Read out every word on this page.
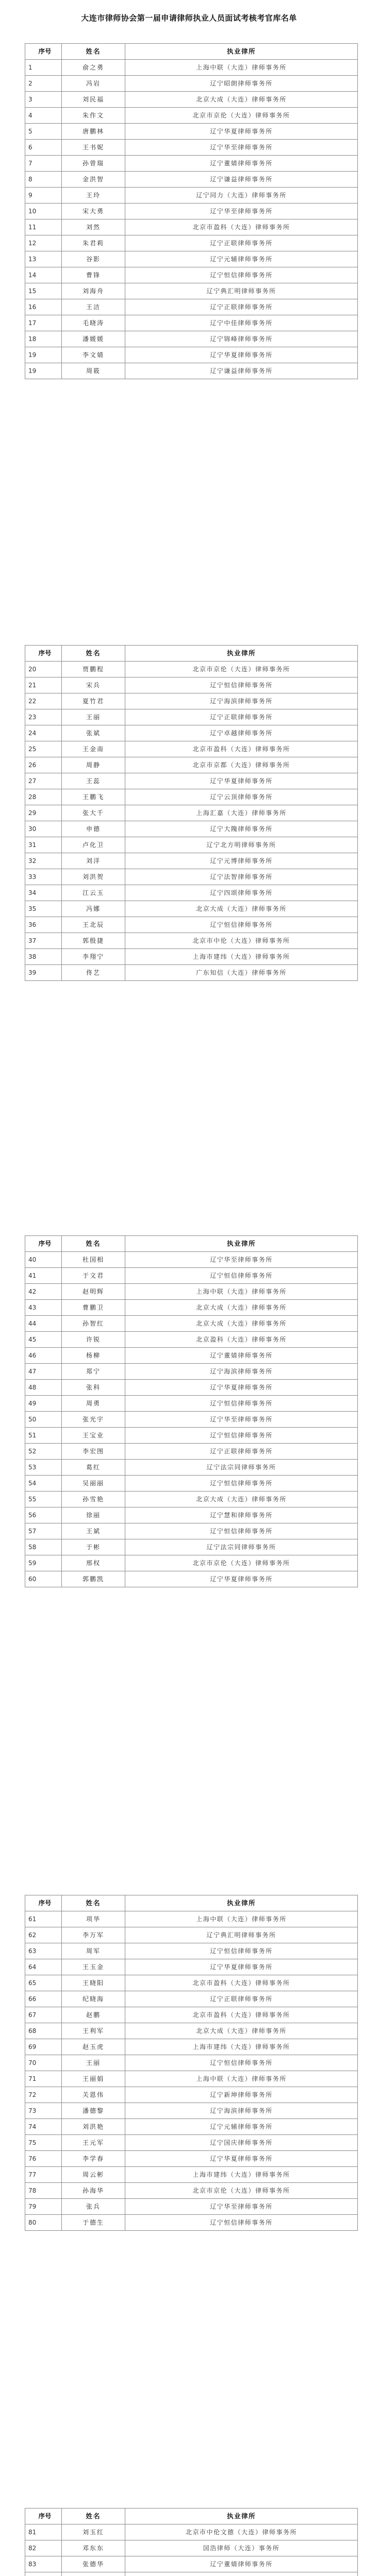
大连市律师协会第一届申请律师执业人员面试考核考官库名单
序号	姓名	执业律所
1	俞之勇	上海中联（大连）律师事务所
2	冯岩	辽宁昭朗律师事务所
3	刘民福	北京大成（大连）律师事务所
4	朱作文	北京市京伦（大连）律师事务所
5	唐鹏林	辽宁华夏律师事务所
6	王书妮	辽宁华至律师事务所
7	孙曾瑞	辽宁董婧律师事务所
8	金洪智	辽宁谦益律师事务所
9	王玲	辽宁同力（大连）律师事务所
10	宋大勇	辽宁华至律师事务所
11	刘然	北京市盈科（大连）律师事务所
12	朱君莉	辽宁正联律师事务所
13	谷影	辽宁元辅律师事务所
14	曹锋	辽宁恒信律师事务所
15	刘海舟	辽宁典汇明律师事务所
16	王洁	辽宁正联律师事务所
17	毛晓涛	辽宁中佳律师事务所
18	潘媛媛	辽宁锦峰律师事务所
19	李文婧	辽宁华夏律师事务所
19	周筱	辽宁谦益律师事务所
序号	姓名	执业律所
20	贾鹏程	北京市京伦（大连）律师事务所
21	宋兵	辽宁恒信律师事务所
22	夏竹君	辽宁海滨律师事务所
23	王丽	辽宁正联律师事务所
24	张斌	辽宁卓越律师事务所
25	王金南	北京市盈科（大连）律师事务所
26	周静	北京市京都（大连）律师事务所
27	王蕊	辽宁华夏律师事务所
28	王鹏飞	辽宁云顶律师事务所
29	张大千	上海汇嘉（大连）律师事务所
30	申德	辽宁大隗律师事务所
31	卢化卫	辽宁北方明律师事务所
32	刘洋	辽宁元博律师事务所
33	刘洪贺	辽宁法智律师事务所
34	江云玉	辽宁四颂律师事务所
35	冯娜	北京大成（大连）律师事务所
36	王北辰	辽宁恒信律师事务所
37	郭殷捷	北京市中伦（大连）律师事务所
38	李翔宁	上海市建纬（大连）律师事务所
39	佟艺	广东知信（大连）律师事务所
序号	姓名	执业律所
40	杜国相	辽宁华至律师事务所
41	于文君	辽宁恒信律师事务所
42	赵明辉	上海中联（大连）律师事务所
43	曹鹏卫	北京大成（大连）律师事务所
44	孙智红	北京大成（大连）律师事务所
45	许锐	北京盈科（大连）律师事务所
46	杨柳	辽宁董婧律师事务所
47	郑宁	辽宁海滨律师事务所
48	张科	辽宁华夏律师事务所
49	周勇	辽宁恒信律师事务所
50	张光宇	辽宁华至律师事务所
51	王宝业	辽宁恒信律师事务所
52	李宏图	辽宁正联律师事务所
53	葛红	辽宁法宗同律师事务所
54	吴丽丽	辽宁恒信律师事务所
55	孙雪艳	北京大成（大连）律师事务所
56	徐丽	辽宁慧和律师事务所
57	王斌	辽宁恒信律师事务所
58	于彬	辽宁法宗同律师事务所
59	邢权	北京市京伦（大连）律师事务所
60	郭鹏凯	辽宁华夏律师事务所
序号	姓名	执业律所
61	项华	上海中联（大连）律师事务所
62	李万军	辽宁典汇明律师事务所
63	周军	辽宁恒信律师事务所
64	王玉金	辽宁华夏律师事务所
65	王晓阳	北京市盈科（大连）律师事务所
66	纪晓海	辽宁正联律师事务所
67	赵鹏	北京市盈科（大连）律师事务所
68	王利军	北京大成（大连）律师事务所
69	赵玉虎	上海市建纬（大连）律师事务所
70	王丽	辽宁恒信律师事务所
71	王丽娟	上海中联（大连）律师事务所
72	关恩伟	辽宁新坤律师事务所
73	潘德黎	辽宁海滨律师事务所
74	刘洪艳	辽宁元辅律师事务所
75	王元军	辽宁国庆律师事务所
76	李学春	辽宁华夏律师事务所
77	周云彬	上海市建纬（大连）律师事务所
78	孙海华	北京市京伦（大连）律师事务所
79	张兵	辽宁华至律师事务所
80	于德生	辽宁恒信律师事务所
序号	姓名	执业律所
81	刘玉红	北京市中伦文德（大连）律师事务所
82	邓东东	国浩律师（大连）事务所
83	张德华	辽宁董婧律师事务所
